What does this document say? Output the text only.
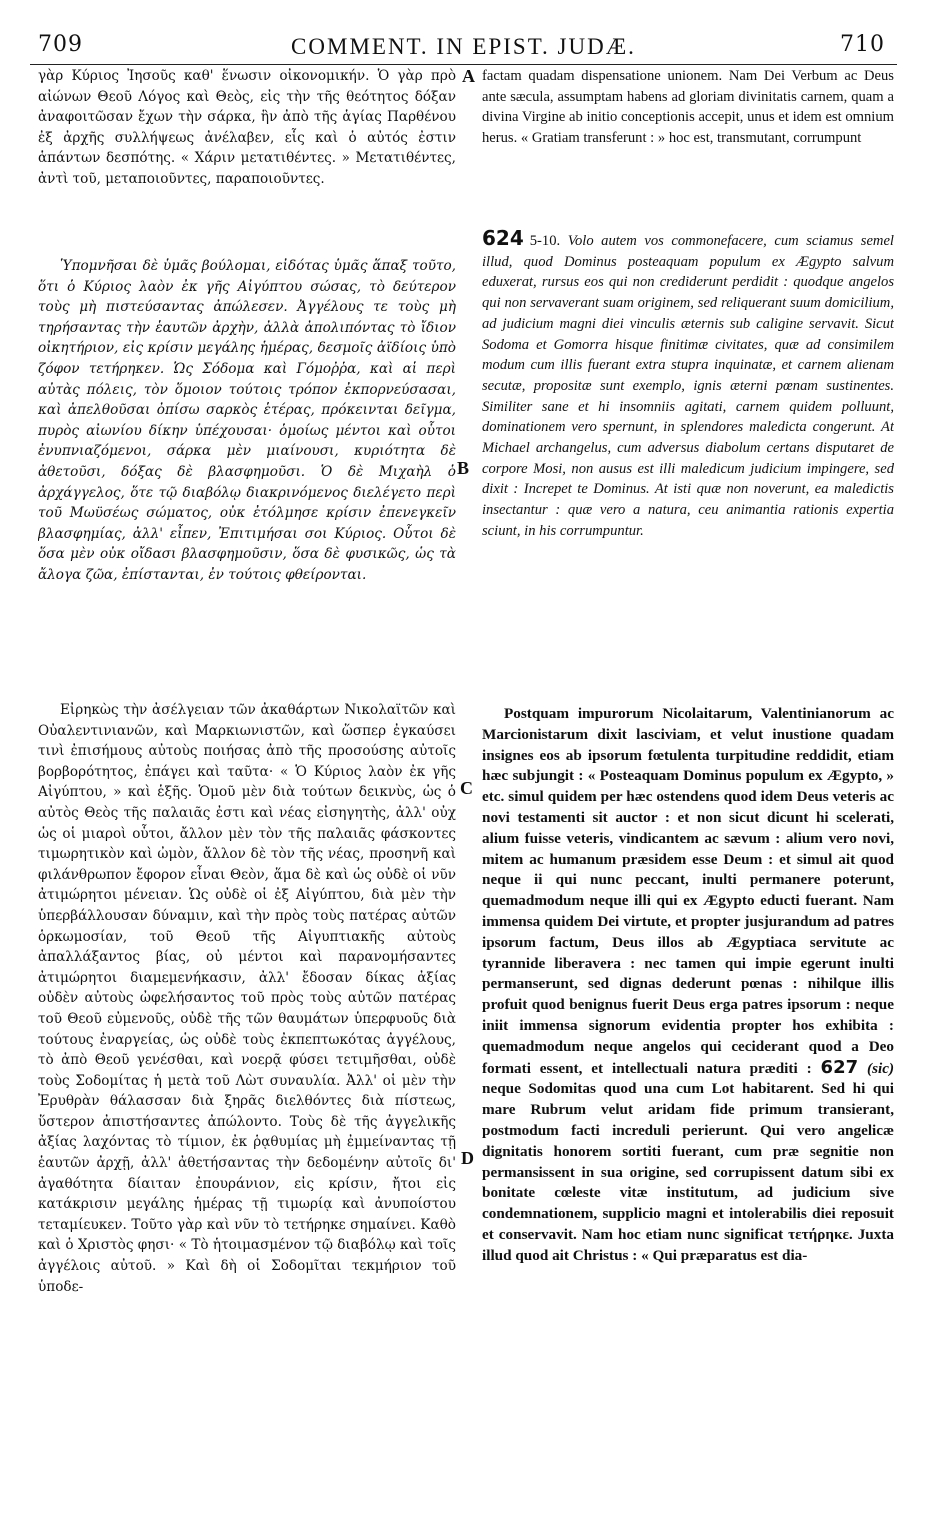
709	COMMENT. IN EPIST. JUDÆ.	710
A
B
C
D

γὰρ Κύριος Ἰησοῦς καθ' ἕνωσιν οἰκονομικήν. Ὁ γὰρ πρὸ αἰώνων Θεοῦ Λόγος καὶ Θεὸς, εἰς τὴν τῆς θεότητος δόξαν ἀναφοιτῶσαν ἔχων τὴν σάρκα, ἣν ἀπὸ τῆς ἁγίας Παρθένου ἐξ ἀρχῆς συλλήψεως ἀνέλαβεν, εἷς καὶ ὁ αὐτός ἐστιν ἁπάντων δεσπότης. « Χάριν μετατιθέντες. » Μετατιθέντες, ἀντὶ τοῦ, μεταποιοῦντες, παραποιοῦντες.

Ὑπομνῆσαι δὲ ὑμᾶς βούλομαι, εἰδότας ὑμᾶς ἅπαξ τοῦτο, ὅτι ὁ Κύριος λαὸν ἐκ γῆς Αἰγύπτου σώσας, τὸ δεύτερον τοὺς μὴ πιστεύσαντας ἀπώλεσεν. Ἀγγέλους τε τοὺς μὴ τηρήσαντας τὴν ἑαυτῶν ἀρχὴν, ἀλλὰ ἀπολιπόντας τὸ ἴδιον οἰκητήριον, εἰς κρίσιν μεγάλης ἡμέρας, δεσμοῖς ἀϊδίοις ὑπὸ ζόφον τετήρηκεν. Ὡς Σόδομα καὶ Γόμοῤῥα, καὶ αἱ περὶ αὐτὰς πόλεις, τὸν ὅμοιον τούτοις τρόπον ἐκπορνεύσασαι, καὶ ἀπελθοῦσαι ὀπίσω σαρκὸς ἑτέρας, πρόκεινται δεῖγμα, πυρὸς αἰωνίου δίκην ὑπέχουσαι· ὁμοίως μέντοι καὶ οὗτοι ἐνυπνιαζόμενοι, σάρκα μὲν μιαίνουσι, κυριότητα δὲ ἀθετοῦσι, δόξας δὲ βλασφημοῦσι. Ὁ δὲ Μιχαὴλ ὁ ἀρχάγγελος, ὅτε τῷ διαβόλῳ διακρινόμενος διελέγετο περὶ τοῦ Μωϋσέως σώματος, οὐκ ἐτόλμησε κρίσιν ἐπενεγκεῖν βλασφημίας, ἀλλ' εἶπεν, Ἐπιτιμήσαι σοι Κύριος. Οὗτοι δὲ ὅσα μὲν οὐκ οἴδασι βλασφημοῦσιν, ὅσα δὲ φυσικῶς, ὡς τὰ ἄλογα ζῶα, ἐπίστανται, ἐν τούτοις φθείρονται.

Εἰρηκὼς τὴν ἀσέλγειαν τῶν ἀκαθάρτων Νικολαϊτῶν καὶ Οὐαλεντινιανῶν, καὶ Μαρκιωνιστῶν, καὶ ὥσπερ ἐγκαύσει τινὶ ἐπισήμους αὐτοὺς ποιήσας ἀπὸ τῆς προσούσης αὐτοῖς βορβορότητος, ἐπάγει καὶ ταῦτα· « Ὁ Κύριος λαὸν ἐκ γῆς Αἰγύπτου, » καὶ ἑξῆς. Ὁμοῦ μὲν διὰ τούτων δεικνὺς, ὡς ὁ αὐτὸς Θεὸς τῆς παλαιᾶς ἐστι καὶ νέας εἰσηγητὴς, ἀλλ' οὐχ ὡς οἱ μιαροὶ οὗτοι, ἄλλον μὲν τὸν τῆς παλαιᾶς φάσκοντες τιμωρητικὸν καὶ ὠμὸν, ἄλλον δὲ τὸν τῆς νέας, προσηνῆ καὶ φιλάνθρωπον ἔφορον εἶναι Θεὸν, ἅμα δὲ καὶ ὡς οὐδὲ οἱ νῦν ἀτιμώρητοι μένειαν. Ὡς οὐδὲ οἱ ἐξ Αἰγύπτου, διὰ μὲν τὴν ὑπερβάλλουσαν δύναμιν, καὶ τὴν πρὸς τοὺς πατέρας αὐτῶν ὁρκωμοσίαν, τοῦ Θεοῦ τῆς Αἰγυπτιακῆς αὐτοὺς ἀπαλλάξαντος βίας, οὐ μέντοι καὶ παρανομήσαντες ἀτιμώρητοι διαμεμενήκασιν, ἀλλ' ἔδοσαν δίκας ἀξίας οὐδὲν αὐτοὺς ὠφελήσαντος τοῦ πρὸς τοὺς αὐτῶν πατέρας τοῦ Θεοῦ εὐμενοῦς, οὐδὲ τῆς τῶν θαυμάτων ὑπερφυοῦς διὰ τούτους ἐναργείας, ὡς οὐδὲ τοὺς ἐκπεπτωκότας ἀγγέλους, τὸ ἀπὸ Θεοῦ γενέσθαι, καὶ νοερᾷ φύσει τετιμῆσθαι, οὐδὲ τοὺς Σοδομίτας ἡ μετὰ τοῦ Λὼτ συναυλία. Ἀλλ' οἱ μὲν τὴν Ἐρυθρὰν θάλασσαν διὰ ξηρᾶς διελθόντες διὰ πίστεως, ὕστερον ἀπιστήσαντες ἀπώλοντο. Τοὺς δὲ τῆς ἀγγελικῆς ἀξίας λαχόντας τὸ τίμιον, ἐκ ῥᾳθυμίας μὴ ἐμμείναντας τῇ ἑαυτῶν ἀρχῇ, ἀλλ' ἀθετήσαντας τὴν δεδομένην αὐτοῖς δι' ἀγαθότητα δίαιταν ἐπουράνιον, εἰς κρίσιν, ἤτοι εἰς κατάκρισιν μεγάλης ἡμέρας τῇ τιμωρίᾳ καὶ ἀνυποίστου τεταμίευκεν. Τοῦτο γὰρ καὶ νῦν τὸ τετήρηκε σημαίνει. Καθὸ καὶ ὁ Χριστὸς φησι· « Τὸ ἡτοιμασμένον τῷ διαβόλῳ καὶ τοῖς ἀγγέλοις αὐτοῦ. » Καὶ δὴ οἱ Σοδομῖται τεκμήριον τοῦ ὑποδε-

factam quadam dispensatione unionem. Nam Dei Verbum ac Deus ante sæcula, assumptam habens ad gloriam divinitatis carnem, quam a divina Virgine ab initio conceptionis accepit, unus et idem est omnium herus. « Gratiam transferunt : » hoc est, transmutant, corrumpunt

624 5-10. Volo autem vos commonefacere, cum sciamus semel illud, quod Dominus posteaquam populum ex Ægypto salvum eduxerat, rursus eos qui non crediderunt perdidit : quodque angelos qui non servaverant suam originem, sed reliquerant suum domicilium, ad judicium magni diei vinculis æternis sub caligine servavit. Sicut Sodoma et Gomorra hisque finitimæ civitates, quæ ad consimilem modum cum illis fuerant extra stupra inquinatæ, et carnem alienam secutæ, propositæ sunt exemplo, ignis æterni pœnam sustinentes. Similiter sane et hi insomniis agitati, carnem quidem polluunt, dominationem vero spernunt, in splendores maledicta congerunt. At Michael archangelus, cum adversus diabolum certans disputaret de corpore Mosi, non ausus est illi maledicum judicium impingere, sed dixit : Increpet te Dominus. At isti quæ non noverunt, ea maledictis insectantur : quæ vero a natura, ceu animantia rationis expertia sciunt, in his corrumpuntur.

Postquam impurorum Nicolaitarum, Valentinianorum ac Marcionistarum dixit lasciviam, et velut inustione quadam insignes eos ab ipsorum fœtulenta turpitudine reddidit, etiam hæc subjungit : « Posteaquam Dominus populum ex Ægypto, » etc. simul quidem per hæc ostendens quod idem Deus veteris ac novi testamenti sit auctor : et non sicut dicunt hi scelerati, alium fuisse veteris, vindicantem ac sævum : alium vero novi, mitem ac humanum præsidem esse Deum : et simul ait quod neque ii qui nunc peccant, inulti permanere poterunt, quemadmodum neque illi qui ex Ægypto educti fuerant. Nam immensa quidem Dei virtute, et propter jusjurandum ad patres ipsorum factum, Deus illos ab Ægyptiaca servitute ac tyrannide liberavera : nec tamen qui impie egerunt inulti permanserunt, sed dignas dederunt pœnas : nihilque illis profuit quod benignus fuerit Deus erga patres ipsorum : neque iniit immensa signorum evidentia propter hos exhibita : quemadmodum neque angelos qui ceciderant quod a Deo formati essent, et intellectuali natura præditi : 627 (sic) neque Sodomitas quod una cum Lot habitarent. Sed hi qui mare Rubrum velut aridam fide primum transierant, postmodum facti increduli perierunt. Qui vero angelicæ dignitatis honorem sortiti fuerant, cum præ segnitie non permansissent in sua origine, sed corrupissent datum sibi ex bonitate cœleste vitæ institutum, ad judicium sive condemnationem, supplicio magni et intolerabilis diei reposuit et conservavit. Nam hoc etiam nunc significat τετήρηκε. Juxta illud quod ait Christus : « Qui præparatus est dia-
